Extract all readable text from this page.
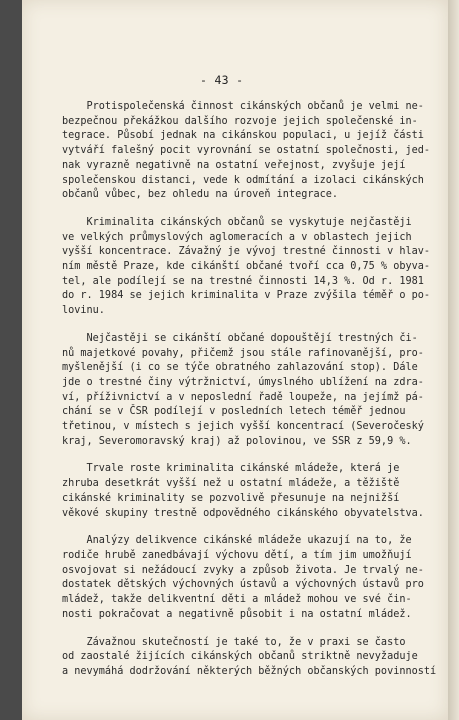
- 43 -
Protispolečenská činnost cikánských občanů je velmi ne-
bezpečnou překážkou dalšího rozvoje jejich společenské in-
tegrace. Působí jednak na cikánskou populaci, u jejíž části
vytváří falešný pocit vyrovnání se ostatní společnosti, jed-
nak vyrazně negativně na ostatní veřejnost, zvyšuje její
společenskou distanci, vede k odmítání a izolaci cikánských
občanů vůbec, bez ohledu na úroveň integrace.
Kriminalita cikánských občanů se vyskytuje nejčastěji
ve velkých průmyslových aglomeracích a v oblastech jejich
vyšší koncentrace. Závažný je vývoj trestné činnosti v hlav-
ním městě Praze, kde cikánští občané tvoří cca 0,75 % obyva-
tel, ale podílejí se na trestné činnosti 14,3 %. Od r. 1981
do r. 1984 se jejich kriminalita v Praze zvýšila téměř o po-
lovinu.
Nejčastěji se cikánští občané dopouštějí trestných či-
nů majetkové povahy, přičemž jsou stále rafinovanější, pro-
myšlenější (i co se týče obratného zahlazování stop). Dále
jde o trestné činy výtržnictví, úmyslného ublížení na zdra-
ví, příživnictví a v neposlední řadě loupeže, na jejímž pá-
chání se v ČSR podílejí v posledních letech téměř jednou
třetinou, v místech s jejich vyšší koncentrací (Severočeský
kraj, Severomoravský kraj) až polovinou, ve SSR z 59,9 %.
Trvale roste kriminalita cikánské mládeže, která je
zhruba desetkrát vyšší než u ostatní mládeže, a těžiště
cikánské kriminality se pozvolivě přesunuje na nejnižší
věkové skupiny trestně odpovědného cikánského obyvatelstva.
Analýzy delikvence cikánské mládeže ukazují na to, že
rodiče hrubě zanedbávají výchovu dětí, a tím jim umožňují
osvojovat si nežádoucí zvyky a způsob života. Je trvalý ne-
dostatek dětských výchovných ústavů a výchovných ústavů pro
mládež, takže delikventní děti a mládež mohou ve své čin-
nosti pokračovat a negativně působit i na ostatní mládež.
Závažnou skutečností je také to, že v praxi se často
od zaostalé žijících cikánských občanů striktně nevyžaduje
a nevymáhá dodržování některých běžných občanských povinností
